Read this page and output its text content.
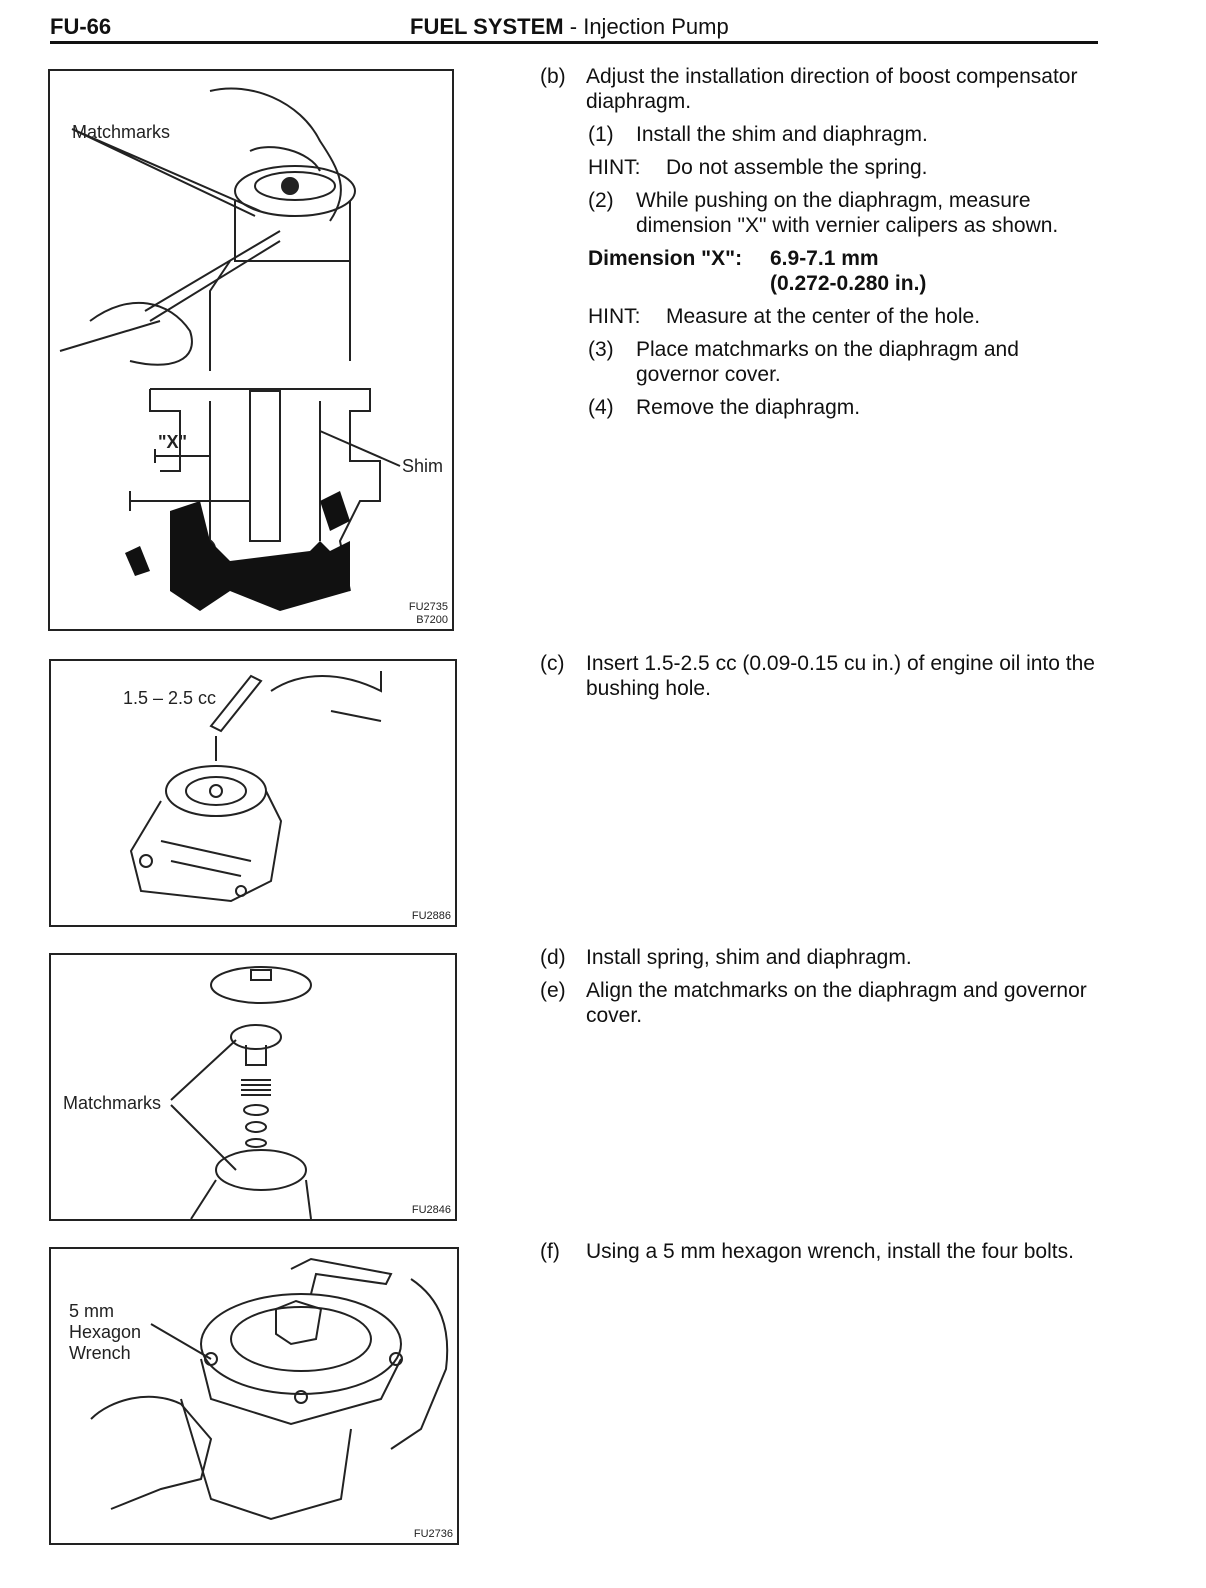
FU-66	FUEL SYSTEM - Injection Pump
Matchmarks
"X"
Shim
FU2735
B7200
1.5 – 2.5 cc
FU2886
Matchmarks
FU2846
5 mm
Hexagon
Wrench
FU2736
(b) Adjust the installation direction of boost compensator diaphragm.
(1) Install the shim and diaphragm.
HINT: Do not assemble the spring.
(2) While pushing on the diaphragm, measure dimension "X" with vernier calipers as shown.
Dimension "X":	6.9-7.1 mm
(0.272-0.280 in.)
HINT: Measure at the center of the hole.
(3) Place matchmarks on the diaphragm and governor cover.
(4) Remove the diaphragm.
(c) Insert 1.5-2.5 cc (0.09-0.15 cu in.) of engine oil into the bushing hole.
(d) Install spring, shim and diaphragm.
(e) Align the matchmarks on the diaphragm and governor cover.
(f) Using a 5 mm hexagon wrench, install the four bolts.
